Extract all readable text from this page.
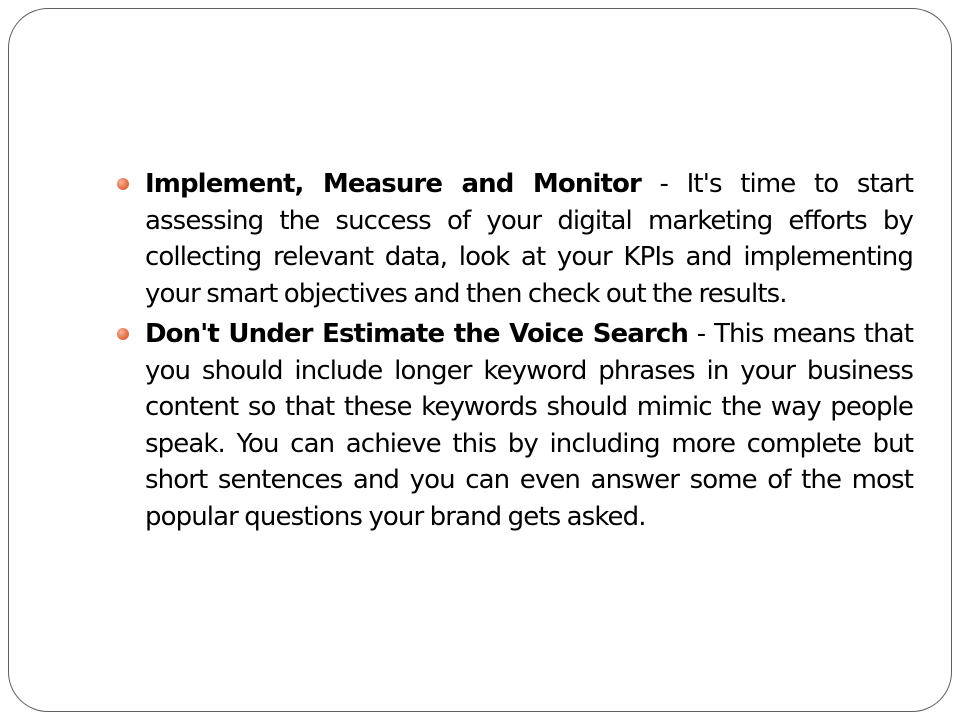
Implement, Measure and Monitor - It's time to start assessing the success of your digital marketing efforts by collecting relevant data, look at your KPIs and implementing your smart objectives and then check out the results.

Don't Under Estimate the Voice Search - This means that you should include longer keyword phrases in your business content so that these keywords should mimic the way people speak. You can achieve this by including more complete but short sentences and you can even answer some of the most popular questions your brand gets asked.
